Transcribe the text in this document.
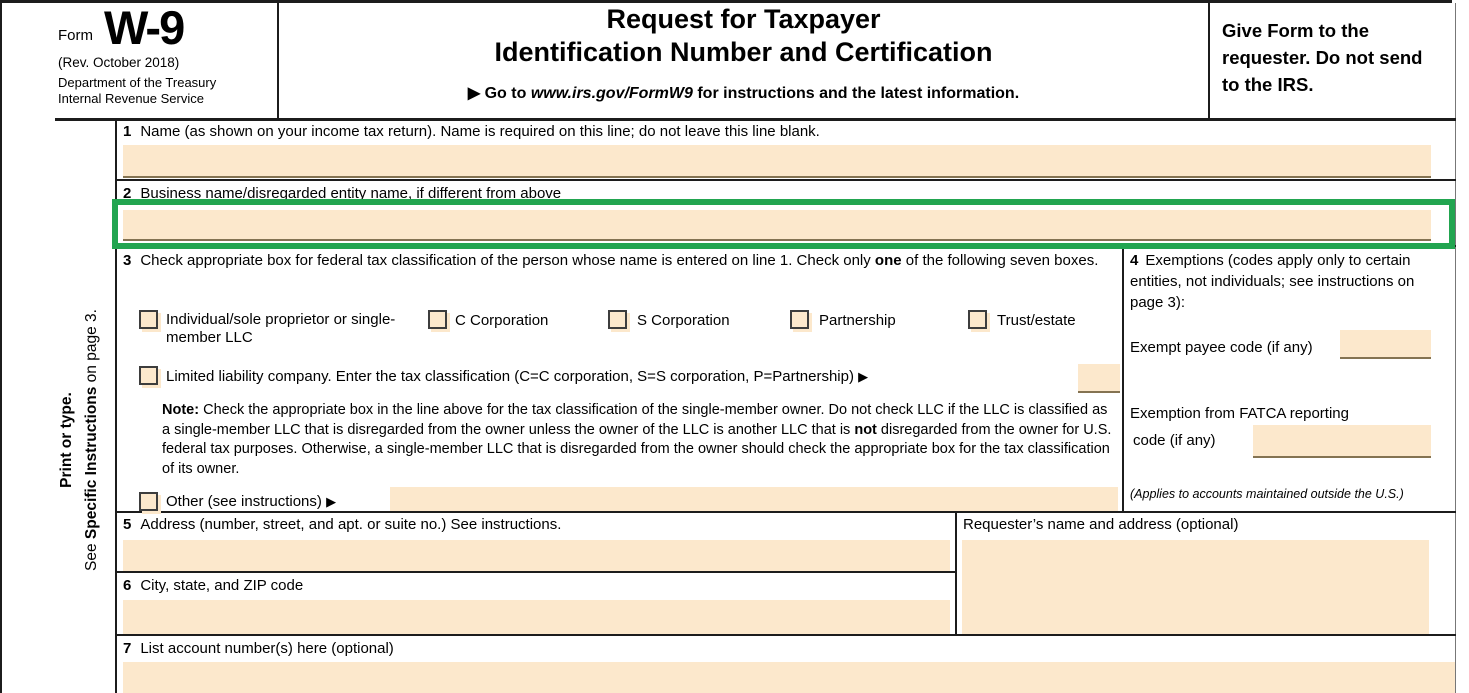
Form W-9
(Rev. October 2018)
Department of the Treasury
Internal Revenue Service
Request for Taxpayer
Identification Number and Certification
▶ Go to www.irs.gov/FormW9 for instructions and the latest information.
Give Form to the requester. Do not send to the IRS.
Print or type.
See Specific Instructions on page 3.
1 Name (as shown on your income tax return). Name is required on this line; do not leave this line blank.
2 Business name/disregarded entity name, if different from above
3 Check appropriate box for federal tax classification of the person whose name is entered on line 1. Check only one of the following seven boxes.
Individual/sole proprietor or single-member LLC
C Corporation	S Corporation	Partnership	Trust/estate
Limited liability company. Enter the tax classification (C=C corporation, S=S corporation, P=Partnership) ▶
Note: Check the appropriate box in the line above for the tax classification of the single-member owner. Do not check LLC if the LLC is classified as a single-member LLC that is disregarded from the owner unless the owner of the LLC is another LLC that is not disregarded from the owner for U.S. federal tax purposes. Otherwise, a single-member LLC that is disregarded from the owner should check the appropriate box for the tax classification of its owner.
Other (see instructions) ▶
4 Exemptions (codes apply only to certain entities, not individuals; see instructions on page 3):
Exempt payee code (if any)
Exemption from FATCA reporting
code (if any)
(Applies to accounts maintained outside the U.S.)
5 Address (number, street, and apt. or suite no.) See instructions.	Requester’s name and address (optional)
6 City, state, and ZIP code
7 List account number(s) here (optional)
